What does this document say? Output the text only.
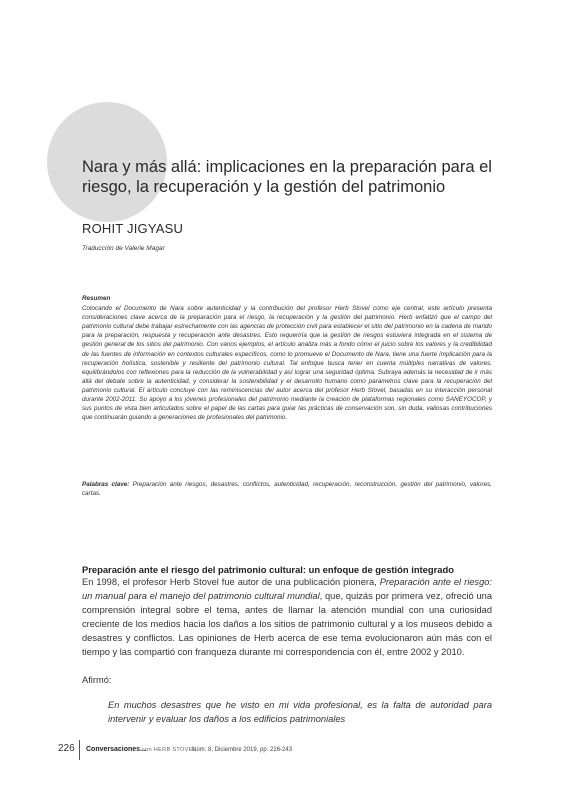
Nara y más allá: implicaciones en la preparación para el riesgo, la recuperación y la gestión del patrimonio
ROHIT JIGYASU
Traducción de Valerie Magar
Resumen

Colocando el Documento de Nara sobre autenticidad y la contribución del profesor Herb Stovel como eje central, este artículo presenta consideraciones clave acerca de la preparación para el riesgo, la recuperación y la gestión del patrimonio. Herb enfatizó que el campo del patrimonio cultural debe trabajar estrechamente con las agencias de protección civil para establecer el sitio del patrimonio en la cadena de mando para la preparación, respuesta y recuperación ante desastres. Esto requeriría que la gestión de riesgos estuviera integrada en el sistema de gestión general de los sitios del patrimonio. Con varios ejemplos, el artículo analiza más a fondo cómo el juicio sobre los valores y la credibilidad de las fuentes de información en contextos culturales específicos, como lo promueve el Documento de Nara, tiene una fuerte implicación para la recuperación holística, sostenible y resiliente del patrimonio cultural. Tal enfoque busca tener en cuenta múltiples narrativas de valores, equilibrándolos con reflexiones para la reducción de la vulnerabilidad y así lograr una seguridad óptima. Subraya además la necesidad de ir más allá del debate sobre la autenticidad, y considerar la sostenibilidad y el desarrollo humano como parámetros clave para la recuperación del patrimonio cultural. El artículo concluye con las reminiscencias del autor acerca del profesor Herb Stovel, basadas en su interacción personal durante 2002-2011. Su apoyo a los jóvenes profesionales del patrimonio mediante la creación de plataformas regionales como SANEYOCOP, y sus puntos de vista bien articulados sobre el papel de las cartas para guiar las prácticas de conservación son, sin duda, valiosas contribuciones que continuarán guiando a generaciones de profesionales del patrimonio.

Palabras clave: Preparación ante riesgos, desastres, conflictos, autenticidad, recuperación, reconstrucción, gestión del patrimonio, valores, cartas.
Preparación ante el riesgo del patrimonio cultural: un enfoque de gestión integrado

En 1998, el profesor Herb Stovel fue autor de una publicación pionera, Preparación ante el riesgo: un manual para el manejo del patrimonio cultural mundial, que, quizás por primera vez, ofreció una comprensión integral sobre el tema, antes de llamar la atención mundial con una curiosidad creciente de los medios hacia los daños a los sitios de patrimonio cultural y a los museos debido a desastres y conflictos. Las opiniones de Herb acerca de ese tema evolucionaron aún más con el tiempo y las compartió con franqueza durante mi correspondencia con él, entre 2002 y 2010.

Afirmó:
En muchos desastres que he visto en mi vida profesional, es la falta de autoridad para intervenir y evaluar los daños a los edificios patrimoniales
226 Conversaciones...
con HERB STOVEL
Núm. 8, Diciembre 2019, pp. 226-243
